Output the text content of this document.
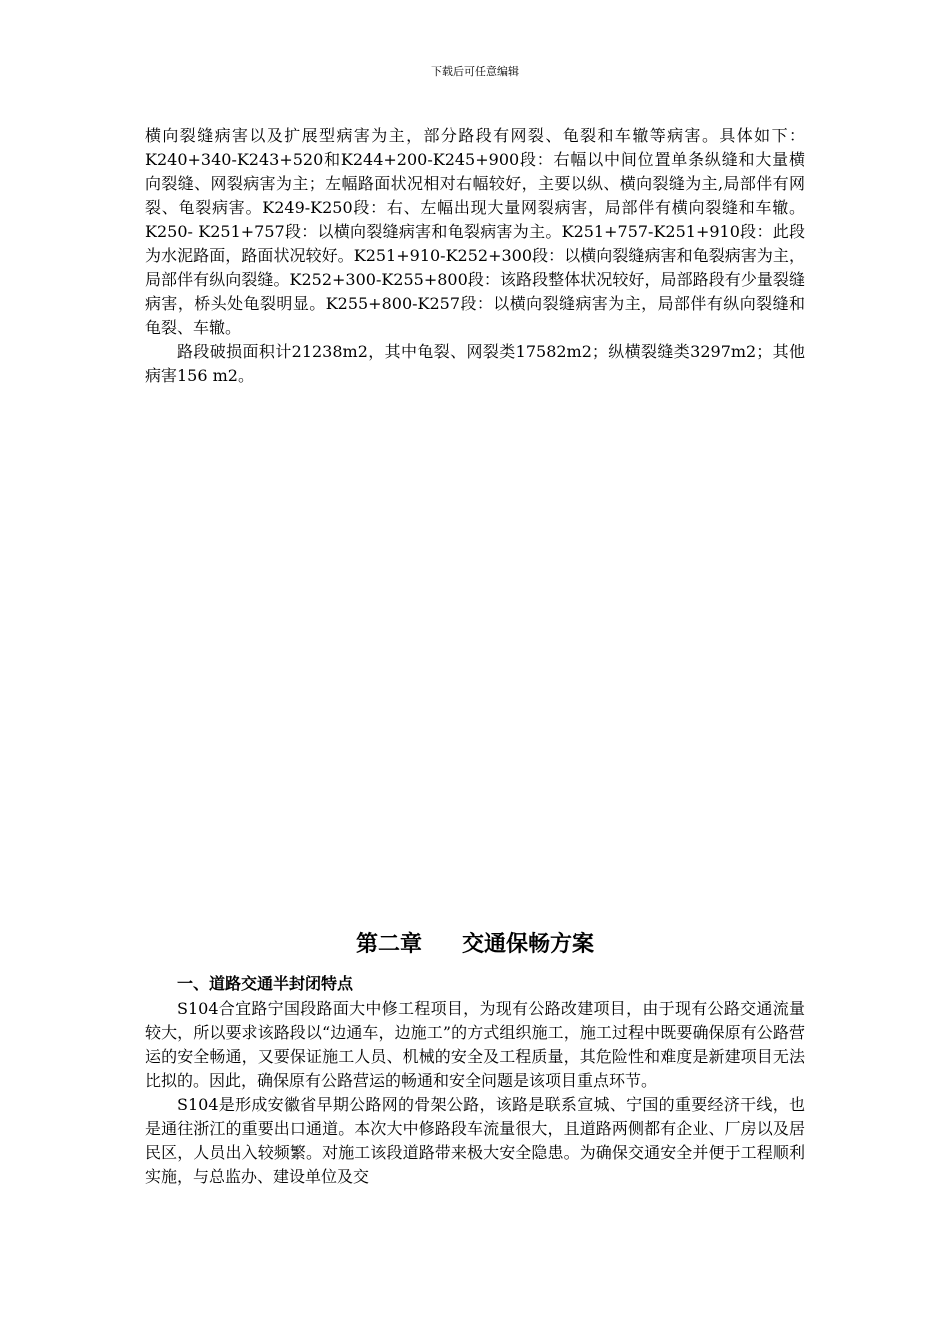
下载后可任意编辑

横向裂缝病害以及扩展型病害为主，部分路段有网裂、龟裂和车辙等病害。具体如下：K240+340-K243+520和K244+200-K245+900段：右幅以中间位置单条纵缝和大量横向裂缝、网裂病害为主；左幅路面状况相对右幅较好，主要以纵、横向裂缝为主,局部伴有网裂、龟裂病害。K249-K250段：右、左幅出现大量网裂病害，局部伴有横向裂缝和车辙。K250- K251+757段：以横向裂缝病害和龟裂病害为主。K251+757-K251+910段：此段为水泥路面，路面状况较好。K251+910-K252+300段：以横向裂缝病害和龟裂病害为主，局部伴有纵向裂缝。K252+300-K255+800段：该路段整体状况较好，局部路段有少量裂缝病害，桥头处龟裂明显。K255+800-K257段：以横向裂缝病害为主，局部伴有纵向裂缝和龟裂、车辙。

路段破损面积计21238m2，其中龟裂、网裂类17582m2；纵横裂缝类3297m2；其他病害156 m2。

第二章 交通保畅方案
一、道路交通半封闭特点

S104合宜路宁国段路面大中修工程项目，为现有公路改建项目，由于现有公路交通流量较大，所以要求该路段以“边通车，边施工”的方式组织施工，施工过程中既要确保原有公路营运的安全畅通，又要保证施工人员、机械的安全及工程质量，其危险性和难度是新建项目无法比拟的。因此，确保原有公路营运的畅通和安全问题是该项目重点环节。

S104是形成安徽省早期公路网的骨架公路，该路是联系宣城、宁国的重要经济干线，也是通往浙江的重要出口通道。本次大中修路段车流量很大，且道路两侧都有企业、厂房以及居民区，人员出入较频繁。对施工该段道路带来极大安全隐患。为确保交通安全并便于工程顺利实施，与总监办、建设单位及交
